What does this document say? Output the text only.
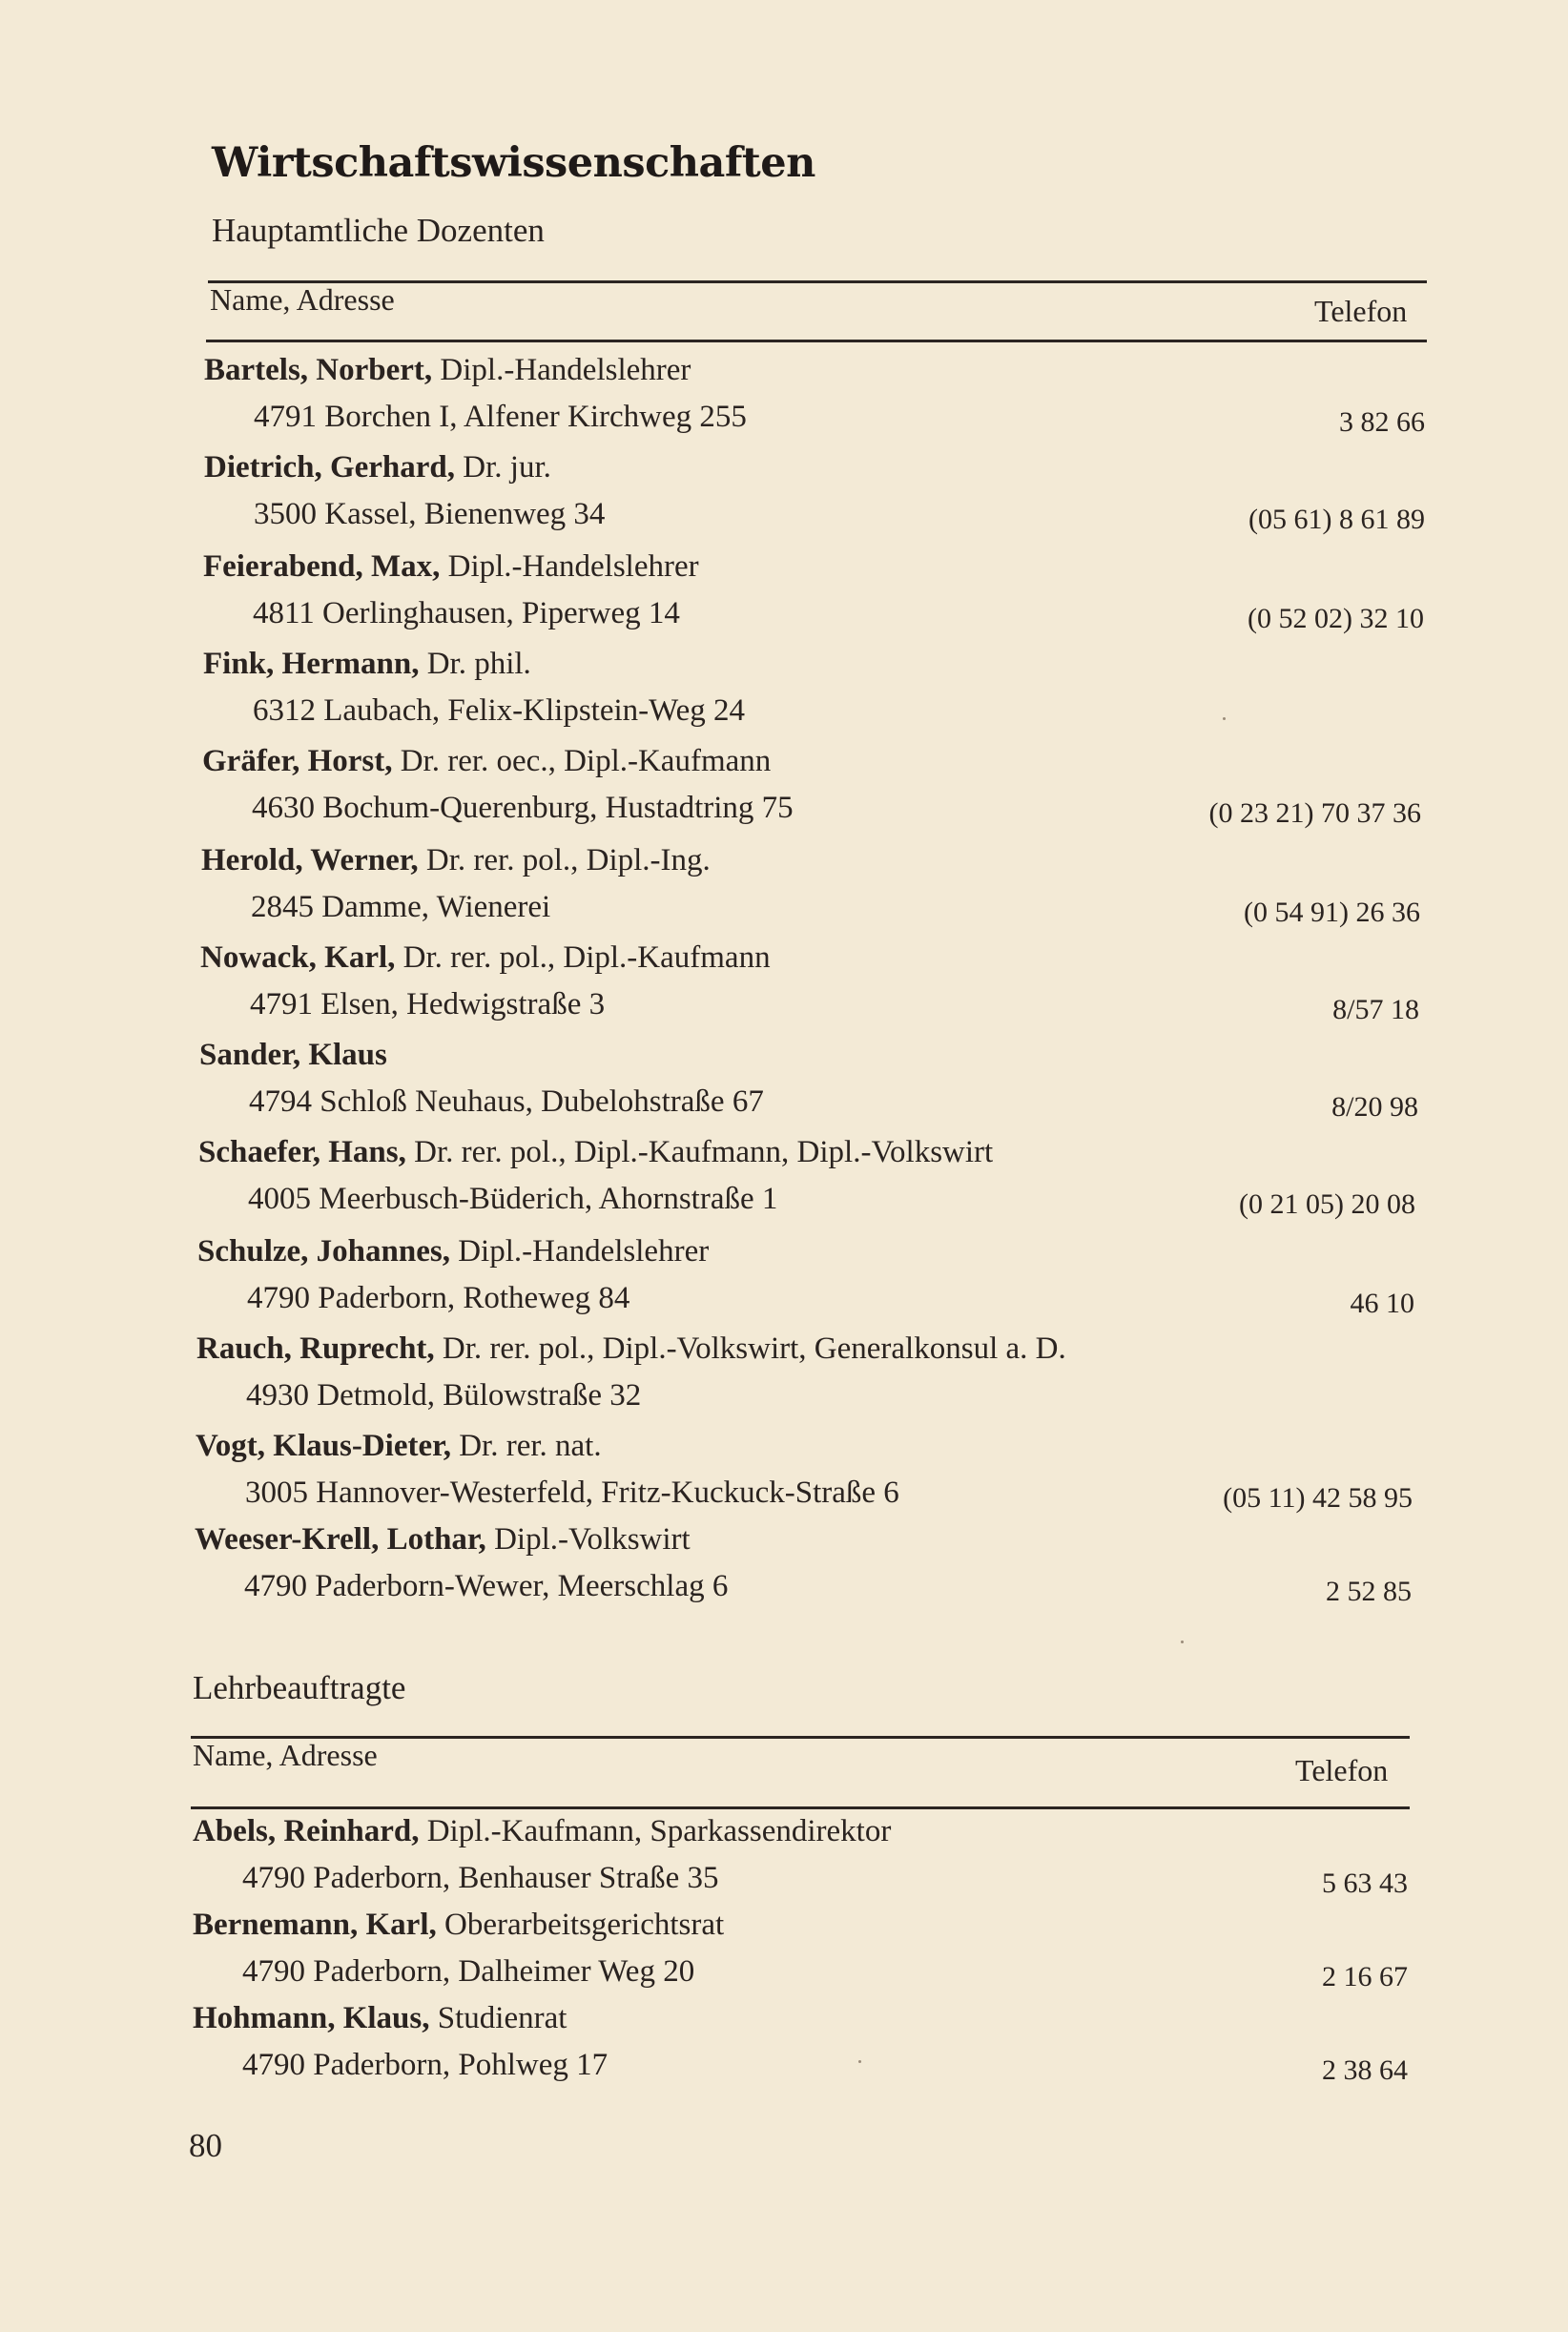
Wirtschaftswissenschaften
Hauptamtliche Dozenten
Name, Adresse	Telefon
Bartels, Norbert, Dipl.-Handelslehrer
4791 Borchen I, Alfener Kirchweg 255	3 82 66
Dietrich, Gerhard, Dr. jur.
3500 Kassel, Bienenweg 34	(05 61) 8 61 89
Feierabend, Max, Dipl.-Handelslehrer
4811 Oerlinghausen, Piperweg 14	(0 52 02) 32 10
Fink, Hermann, Dr. phil.
6312 Laubach, Felix-Klipstein-Weg 24
Gräfer, Horst, Dr. rer. oec., Dipl.-Kaufmann
4630 Bochum-Querenburg, Hustadtring 75	(0 23 21) 70 37 36
Herold, Werner, Dr. rer. pol., Dipl.-Ing.
2845 Damme, Wienerei	(0 54 91) 26 36
Nowack, Karl, Dr. rer. pol., Dipl.-Kaufmann
4791 Elsen, Hedwigstraße 3	8/57 18
Sander, Klaus
4794 Schloß Neuhaus, Dubelohstraße 67	8/20 98
Schaefer, Hans, Dr. rer. pol., Dipl.-Kaufmann, Dipl.-Volkswirt
4005 Meerbusch-Büderich, Ahornstraße 1	(0 21 05) 20 08
Schulze, Johannes, Dipl.-Handelslehrer
4790 Paderborn, Rotheweg 84	46 10
Rauch, Ruprecht, Dr. rer. pol., Dipl.-Volkswirt, Generalkonsul a. D.
4930 Detmold, Bülowstraße 32
Vogt, Klaus-Dieter, Dr. rer. nat.
3005 Hannover-Westerfeld, Fritz-Kuckuck-Straße 6	(05 11) 42 58 95
Weeser-Krell, Lothar, Dipl.-Volkswirt
4790 Paderborn-Wewer, Meerschlag 6	2 52 85
Lehrbeauftragte
Name, Adresse	Telefon
Abels, Reinhard, Dipl.-Kaufmann, Sparkassendirektor
4790 Paderborn, Benhauser Straße 35	5 63 43
Bernemann, Karl, Oberarbeitsgerichtsrat
4790 Paderborn, Dalheimer Weg 20	2 16 67
Hohmann, Klaus, Studienrat
4790 Paderborn, Pohlweg 17	2 38 64
80
